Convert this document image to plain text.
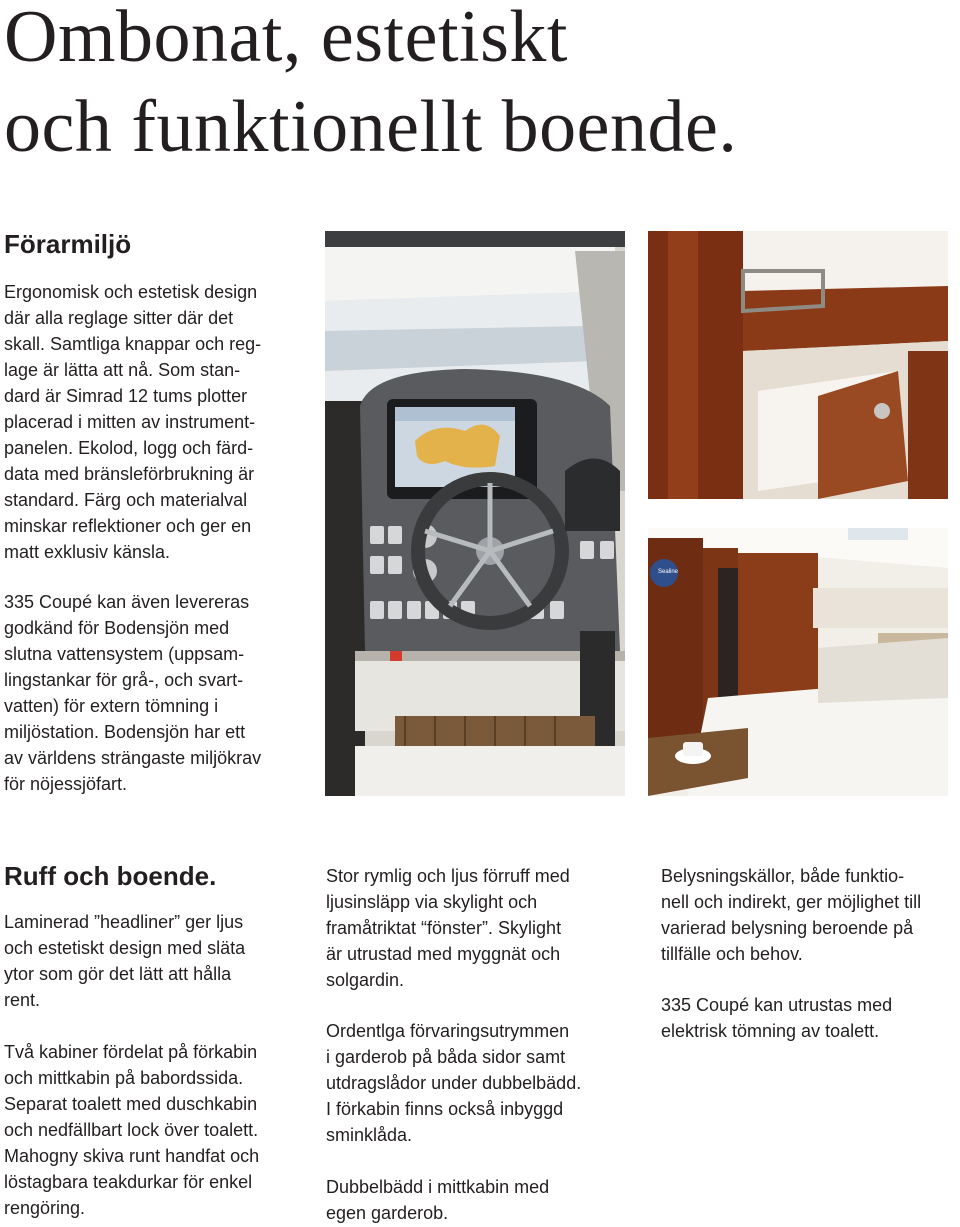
Ombonat, estetiskt
och funktionellt boende.
Förarmiljö
Ergonomisk och estetisk design
där alla reglage sitter där det
skall. Samtliga knappar och reg-
lage är lätta att nå. Som stan-
dard är Simrad 12 tums plotter
placerad i mitten av instrument-
panelen. Ekolod, logg och färd-
data med bränsleförbrukning är
standard. Färg och materialval
minskar reflektioner och ger en
matt exklusiv känsla.
335 Coupé kan även levereras
godkänd för Bodensjön med
slutna vattensystem (uppsam-
lingstankar för grå-, och svart-
vatten) för extern tömning i
miljöstation. Bodensjön har ett
av världens strängaste miljökrav
för nöjessjöfart.
Sealine
Ruff och boende.
Laminerad ”headliner” ger ljus
och estetiskt design med släta
ytor som gör det lätt att hålla
rent.
Två kabiner fördelat på förkabin
och mittkabin på babordssida.
Separat toalett med duschkabin
och nedfällbart lock över toalett.
Mahogny skiva runt handfat och
löstagbara teakdurkar för enkel
rengöring.
Stor rymlig och ljus förruff med
ljusinsläpp via skylight och
framåtriktat “fönster”. Skylight
är utrustad med myggnät och
solgardin.
Ordentlga förvaringsutrymmen
i garderob på båda sidor samt
utdragslådor under dubbelbädd.
I förkabin finns också inbyggd
sminklåda.
Dubbelbädd i mittkabin med
egen garderob.
Belysningskällor, både funktio-
nell och indirekt, ger möjlighet till
varierad belysning beroende på
tillfälle och behov.
335 Coupé kan utrustas med
elektrisk tömning av toalett.
